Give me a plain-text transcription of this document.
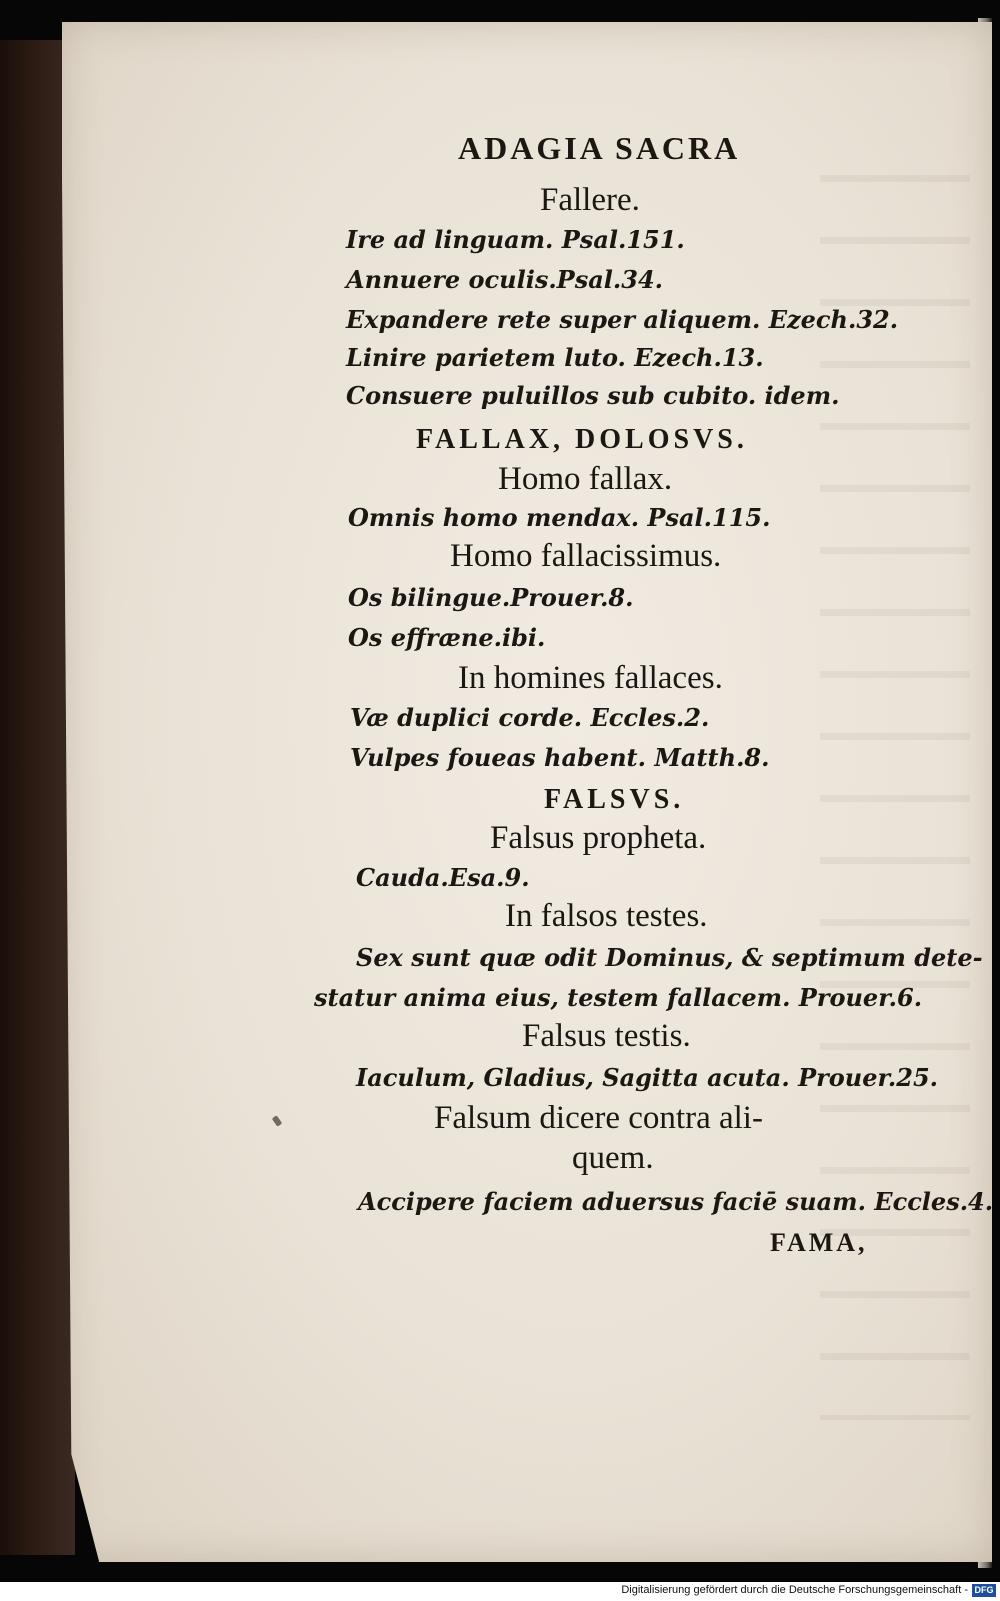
ADAGIA SACRA
Fallere.
Ire ad linguam. Psal.151.
Annuere oculis.Psal.34.
Expandere rete super aliquem. Ezech.32.
Linire parietem luto. Ezech.13.
Consuere puluillos sub cubito. idem.
FALLAX, DOLOSVS.
Homo fallax.
Omnis homo mendax. Psal.115.
Homo fallacissimus.
Os bilingue.Prouer.8.
Os effræne.ibi.
In homines fallaces.
Væ duplici corde. Eccles.2.
Vulpes foueas habent. Matth.8.
FALSVS.
Falsus propheta.
Cauda.Esa.9.
In falsos testes.
Sex sunt quæ odit Dominus, & septimum dete-
statur anima eius, testem fallacem. Prouer.6.
Falsus testis.
Iaculum, Gladius, Sagitta acuta. Prouer.25.
Falsum dicere contra ali-
quem.
Accipere faciem aduersus faciē suam. Eccles.4.
FAMA,
Digitalisierung gefördert durch die Deutsche Forschungsgemeinschaft - DFG
